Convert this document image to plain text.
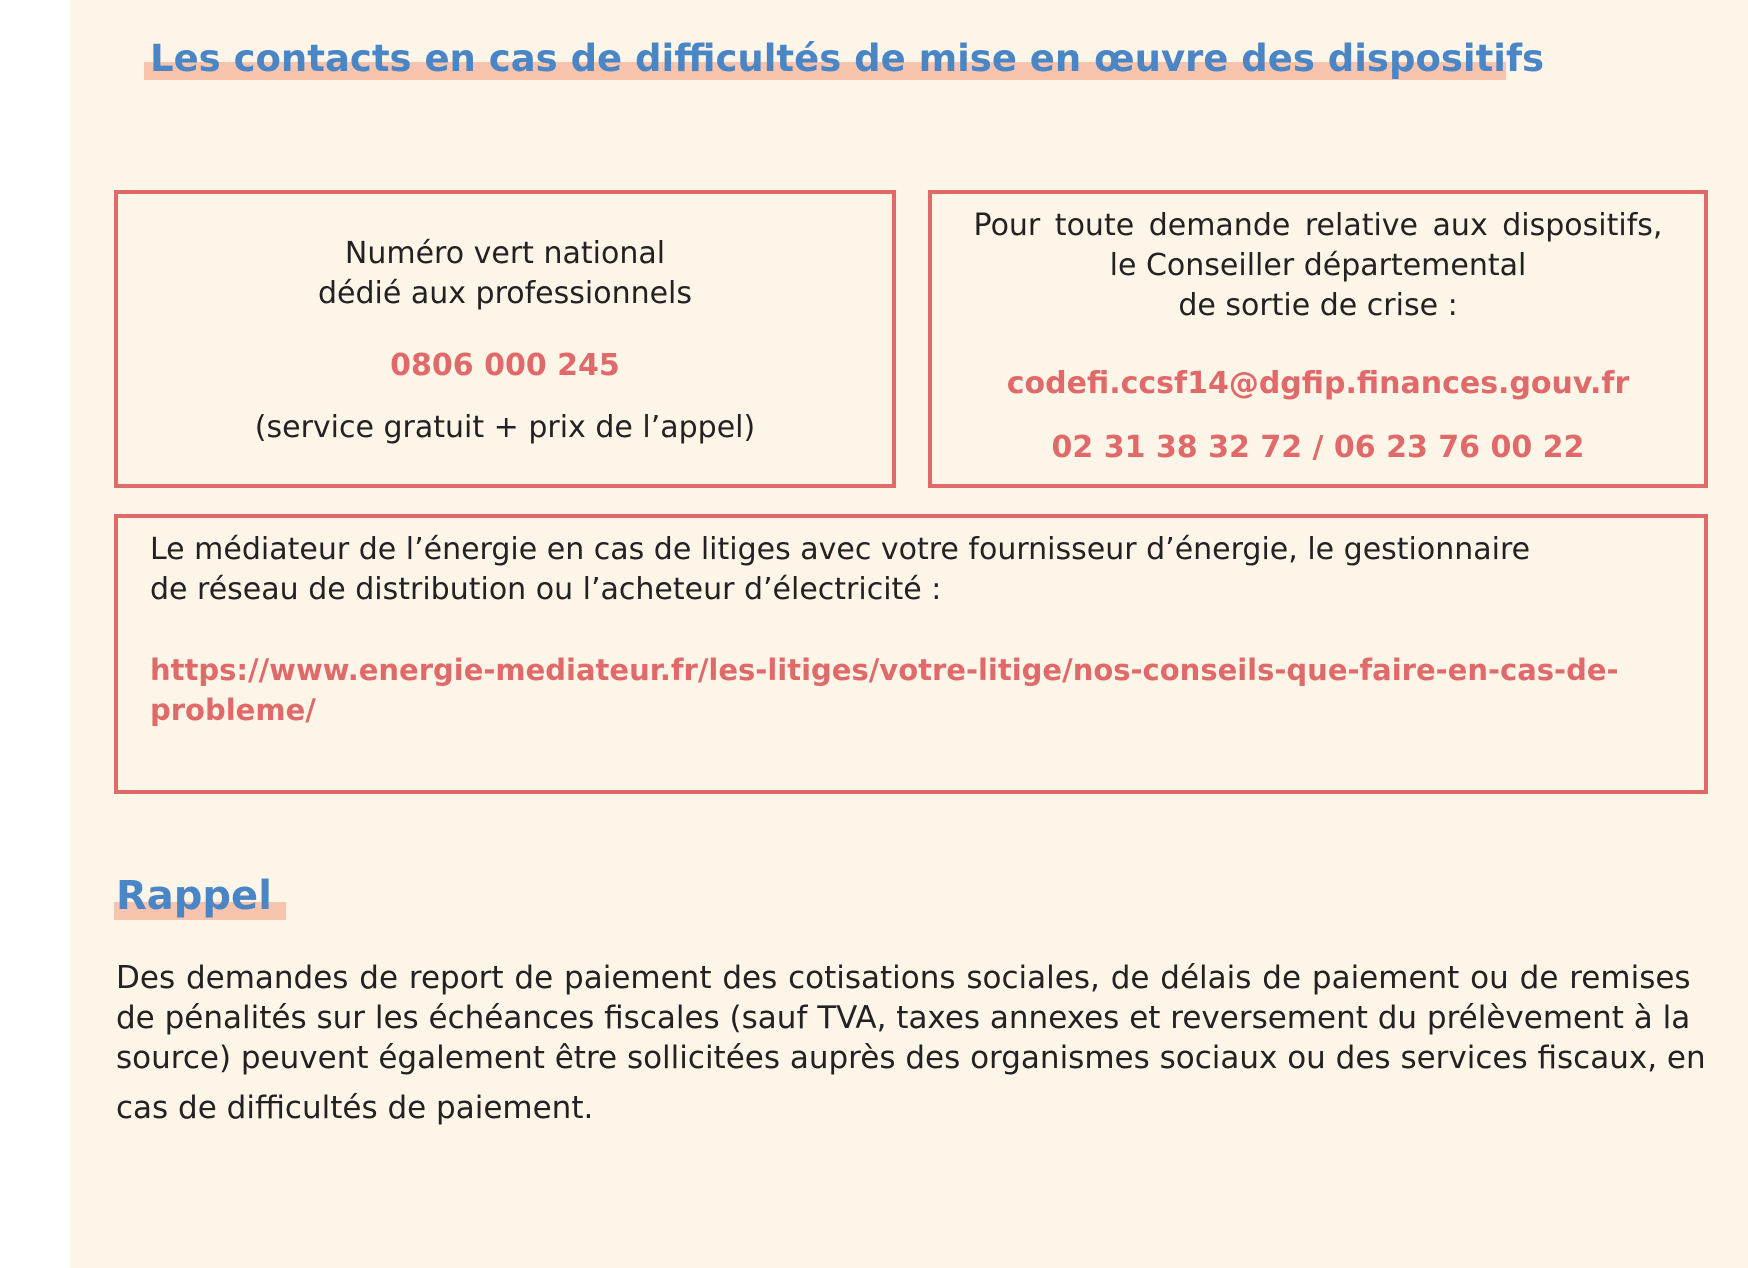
Les contacts en cas de difficultés de mise en œuvre des dispositifs
Numéro vert national
dédié aux professionnels
0806 000 245
(service gratuit + prix de l’appel)
Pour toute demande relative aux dispositifs,
le Conseiller départemental
de sortie de crise :
codefi.ccsf14@dgfip.finances.gouv.fr
02 31 38 32 72 / 06 23 76 00 22
Le médiateur de l’énergie en cas de litiges avec votre fournisseur d’énergie, le gestionnaire
de réseau de distribution ou l’acheteur d’électricité :
https://www.energie-mediateur.fr/les-litiges/votre-litige/nos-conseils-que-faire-en-cas-de-
probleme/
Rappel
Des demandes de report de paiement des cotisations sociales, de délais de paiement ou de remises
de pénalités sur les échéances fiscales (sauf TVA, taxes annexes et reversement du prélèvement à la
source) peuvent également être sollicitées auprès des organismes sociaux ou des services fiscaux, en
cas de difficultés de paiement.
